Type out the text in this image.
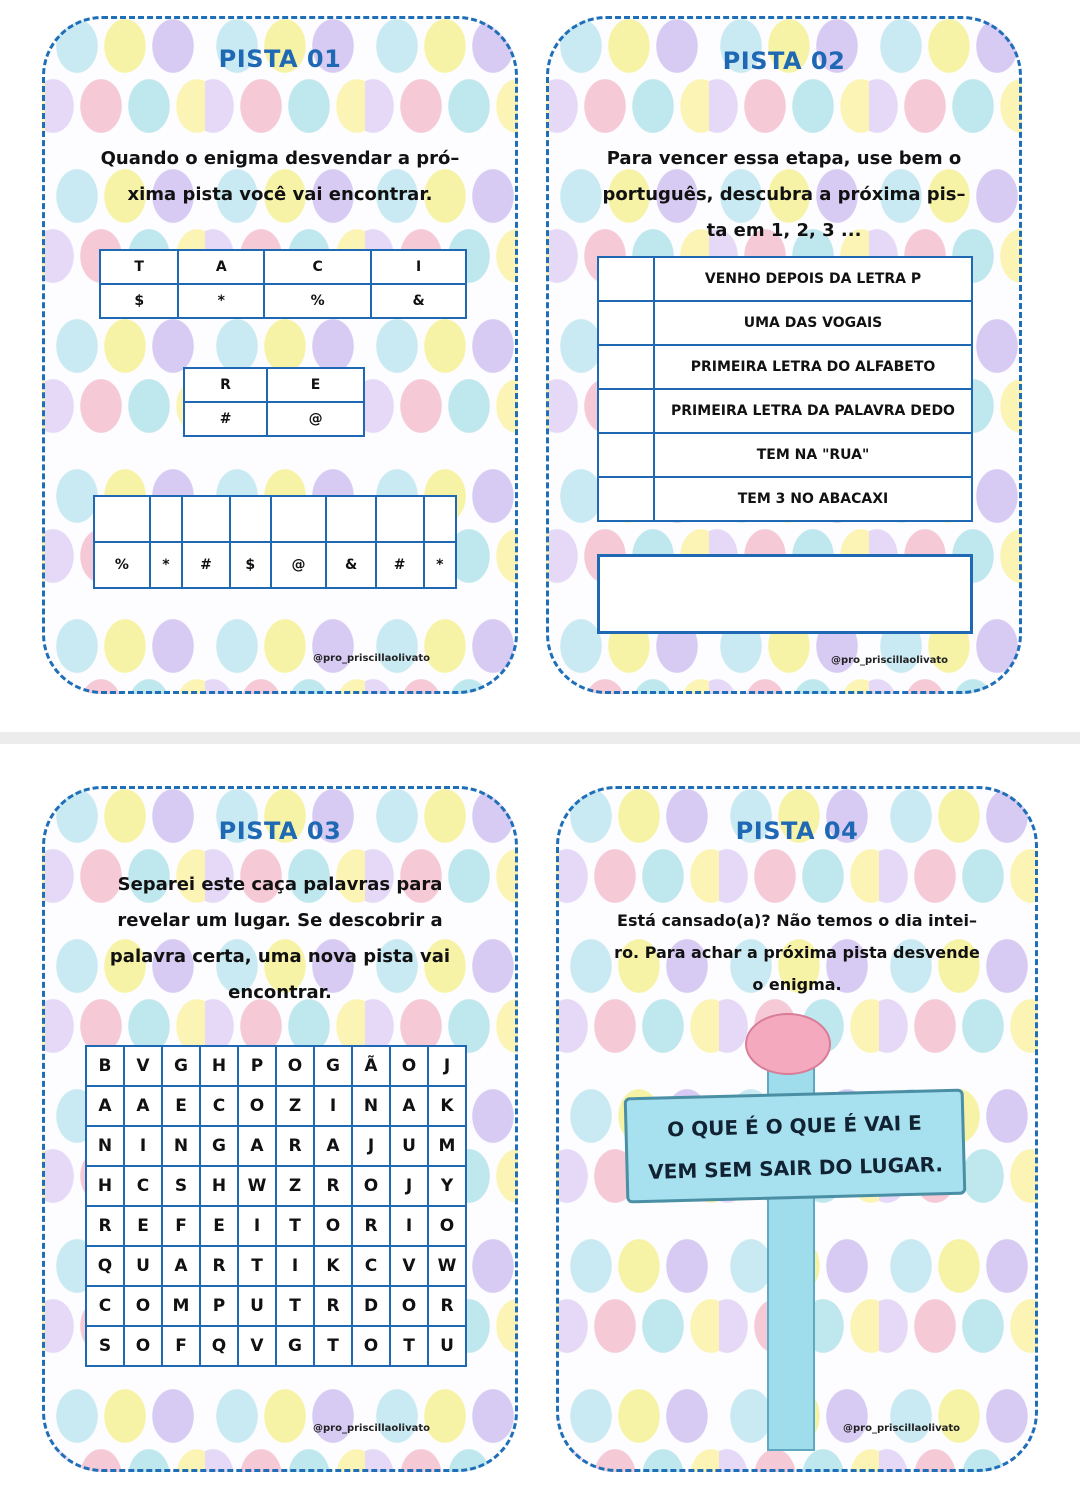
PISTA 01
Quando o enigma desvendar a pró–
xima pista você vai encontrar.
T	A	C	I
$	*	%	&
R	E
#	@

%	*	#	$	@	&	#	*
@pro_priscillaolivato
PISTA 02
Para vencer essa etapa, use bem o
português, descubra a próxima pis–
ta em 1, 2, 3 ...
	VENHO DEPOIS DA LETRA P
	UMA DAS VOGAIS
	PRIMEIRA LETRA DO ALFABETO
	PRIMEIRA LETRA DA PALAVRA DEDO
	TEM NA "RUA"
	TEM 3 NO ABACAXI
@pro_priscillaolivato
PISTA 03
Separei este caça palavras para
revelar um lugar. Se descobrir a
palavra certa, uma nova pista vai
encontrar.
B	V	G	H	P	O	G	Ã	O	J
A	A	E	C	O	Z	I	N	A	K
N	I	N	G	A	R	A	J	U	M
H	C	S	H	W	Z	R	O	J	Y
R	E	F	E	I	T	O	R	I	O
Q	U	A	R	T	I	K	C	V	W
C	O	M	P	U	T	R	D	O	R
S	O	F	Q	V	G	T	O	T	U
@pro_priscillaolivato
PISTA 04
Está cansado(a)? Não temos o dia intei–
ro. Para achar a próxima pista desvende
o enigma.
O QUE É O QUE É VAI E
VEM SEM SAIR DO LUGAR.
@pro_priscillaolivato
